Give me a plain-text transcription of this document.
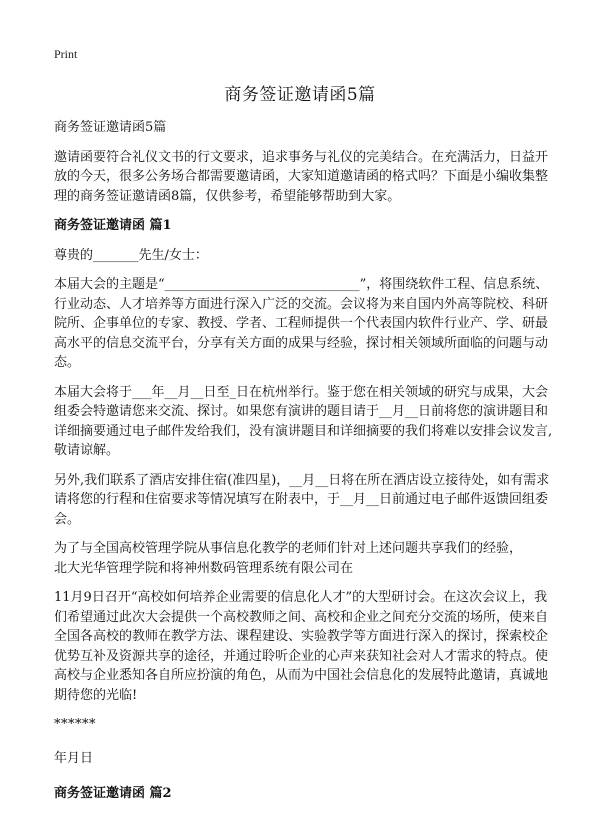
Print
商务签证邀请函5篇

商务签证邀请函5篇

邀请函要符合礼仪文书的行文要求，追求事务与礼仪的完美结合。在充满活力，日益开放的今天，很多公务场合都需要邀请函，大家知道邀请函的格式吗？下面是小编收集整理的商务签证邀请函8篇，仅供参考，希望能够帮助到大家。

商务签证邀请函 篇1

尊贵的_______先生/女士：

本届大会的主题是“______________________________”，将围绕软件工程、信息系统、行业动态、人才培养等方面进行深入广泛的交流。会议将为来自国内外高等院校、科研院所、企事单位的专家、教授、学者、工程师提供一个代表国内软件行业产、学、研最高水平的信息交流平台，分享有关方面的成果与经验，探讨相关领域所面临的问题与动态。

本届大会将于___年__月__日至_日在杭州举行。鉴于您在相关领域的研究与成果，大会组委会特邀请您来交流、探讨。如果您有演讲的题目请于__月__日前将您的演讲题目和详细摘要通过电子邮件发给我们，没有演讲题目和详细摘要的我们将难以安排会议发言,敬请谅解。

另外,我们联系了酒店安排住宿(准四星)，__月__日将在所在酒店设立接待处，如有需求请将您的行程和住宿要求等情况填写在附表中，于__月__日前通过电子邮件返馈回组委会。

为了与全国高校管理学院从事信息化教学的老师们针对上述问题共享我们的经验，
北大光华管理学院和将神州数码管理系统有限公司在

11月9日召开“高校如何培养企业需要的信息化人才”的大型研讨会。在这次会议上，我们希望通过此次大会提供一个高校教师之间、高校和企业之间充分交流的场所，使来自全国各高校的教师在教学方法、课程建设、实验教学等方面进行深入的探讨，探索校企优势互补及资源共享的途径，并通过聆听企业的心声来获知社会对人才需求的特点。使高校与企业悉知各自所应扮演的角色，从而为中国社会信息化的发展特此邀请，真诚地期待您的光临!

******

年月日

商务签证邀请函 篇2
